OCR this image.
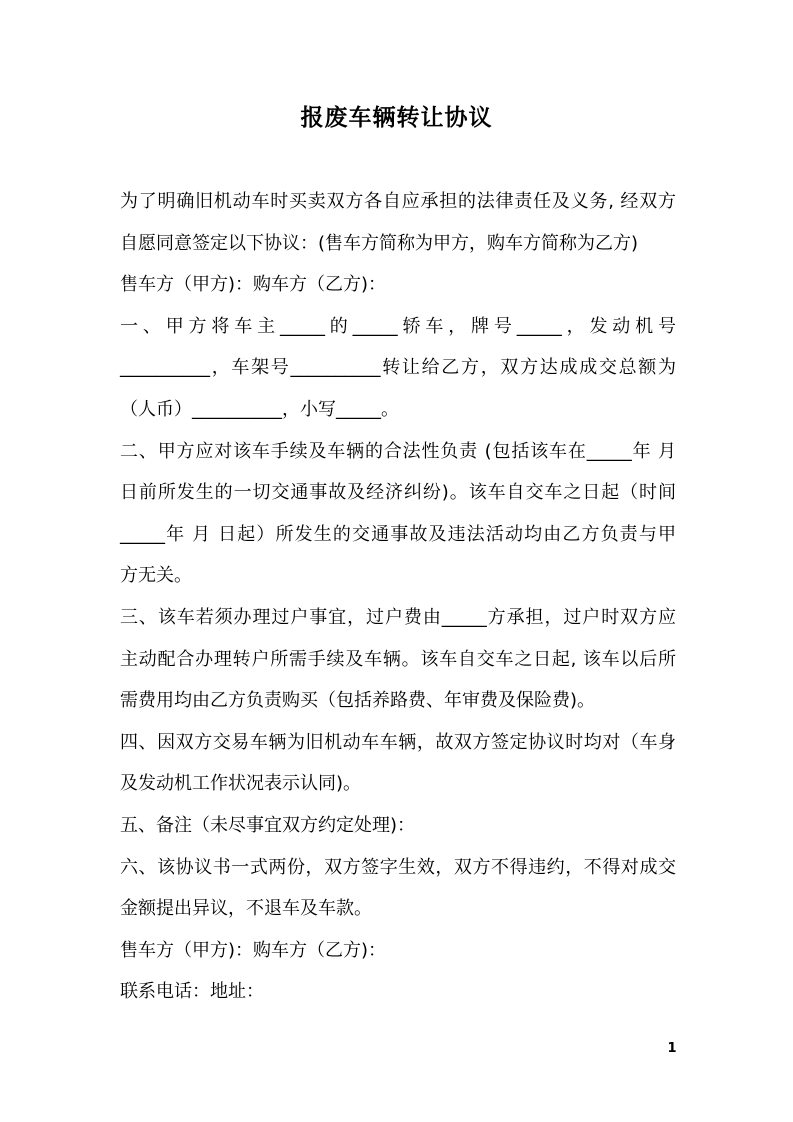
报废车辆转让协议
为了明确旧机动车时买卖双方各自应承担的法律责任及义务, 经双方
自愿同意签定以下协议：(售车方简称为甲方，购车方简称为乙方)
售车方（甲方)：购车方（乙方)：
一、甲方将车主_____的_____轿车，牌号_____，发动机号
__________，车架号__________转让给乙方，双方达成成交总额为
（人币）__________，小写_____。
二、甲方应对该车手续及车辆的合法性负责 (包括该车在_____年 月
日前所发生的一切交通事故及经济纠纷)。该车自交车之日起（时间
_____年 月 日起）所发生的交通事故及违法活动均由乙方负责与甲
方无关。
三、该车若须办理过户事宜，过户费由_____方承担，过户时双方应
主动配合办理转户所需手续及车辆。该车自交车之日起, 该车以后所
需费用均由乙方负责购买（包括养路费、年审费及保险费)。
四、因双方交易车辆为旧机动车车辆，故双方签定协议时均对（车身
及发动机工作状况表示认同)。
五、备注（未尽事宜双方约定处理)：
六、该协议书一式两份，双方签字生效，双方不得违约，不得对成交
金额提出异议，不退车及车款。
售车方（甲方)：购车方（乙方)：
联系电话：地址：
1
